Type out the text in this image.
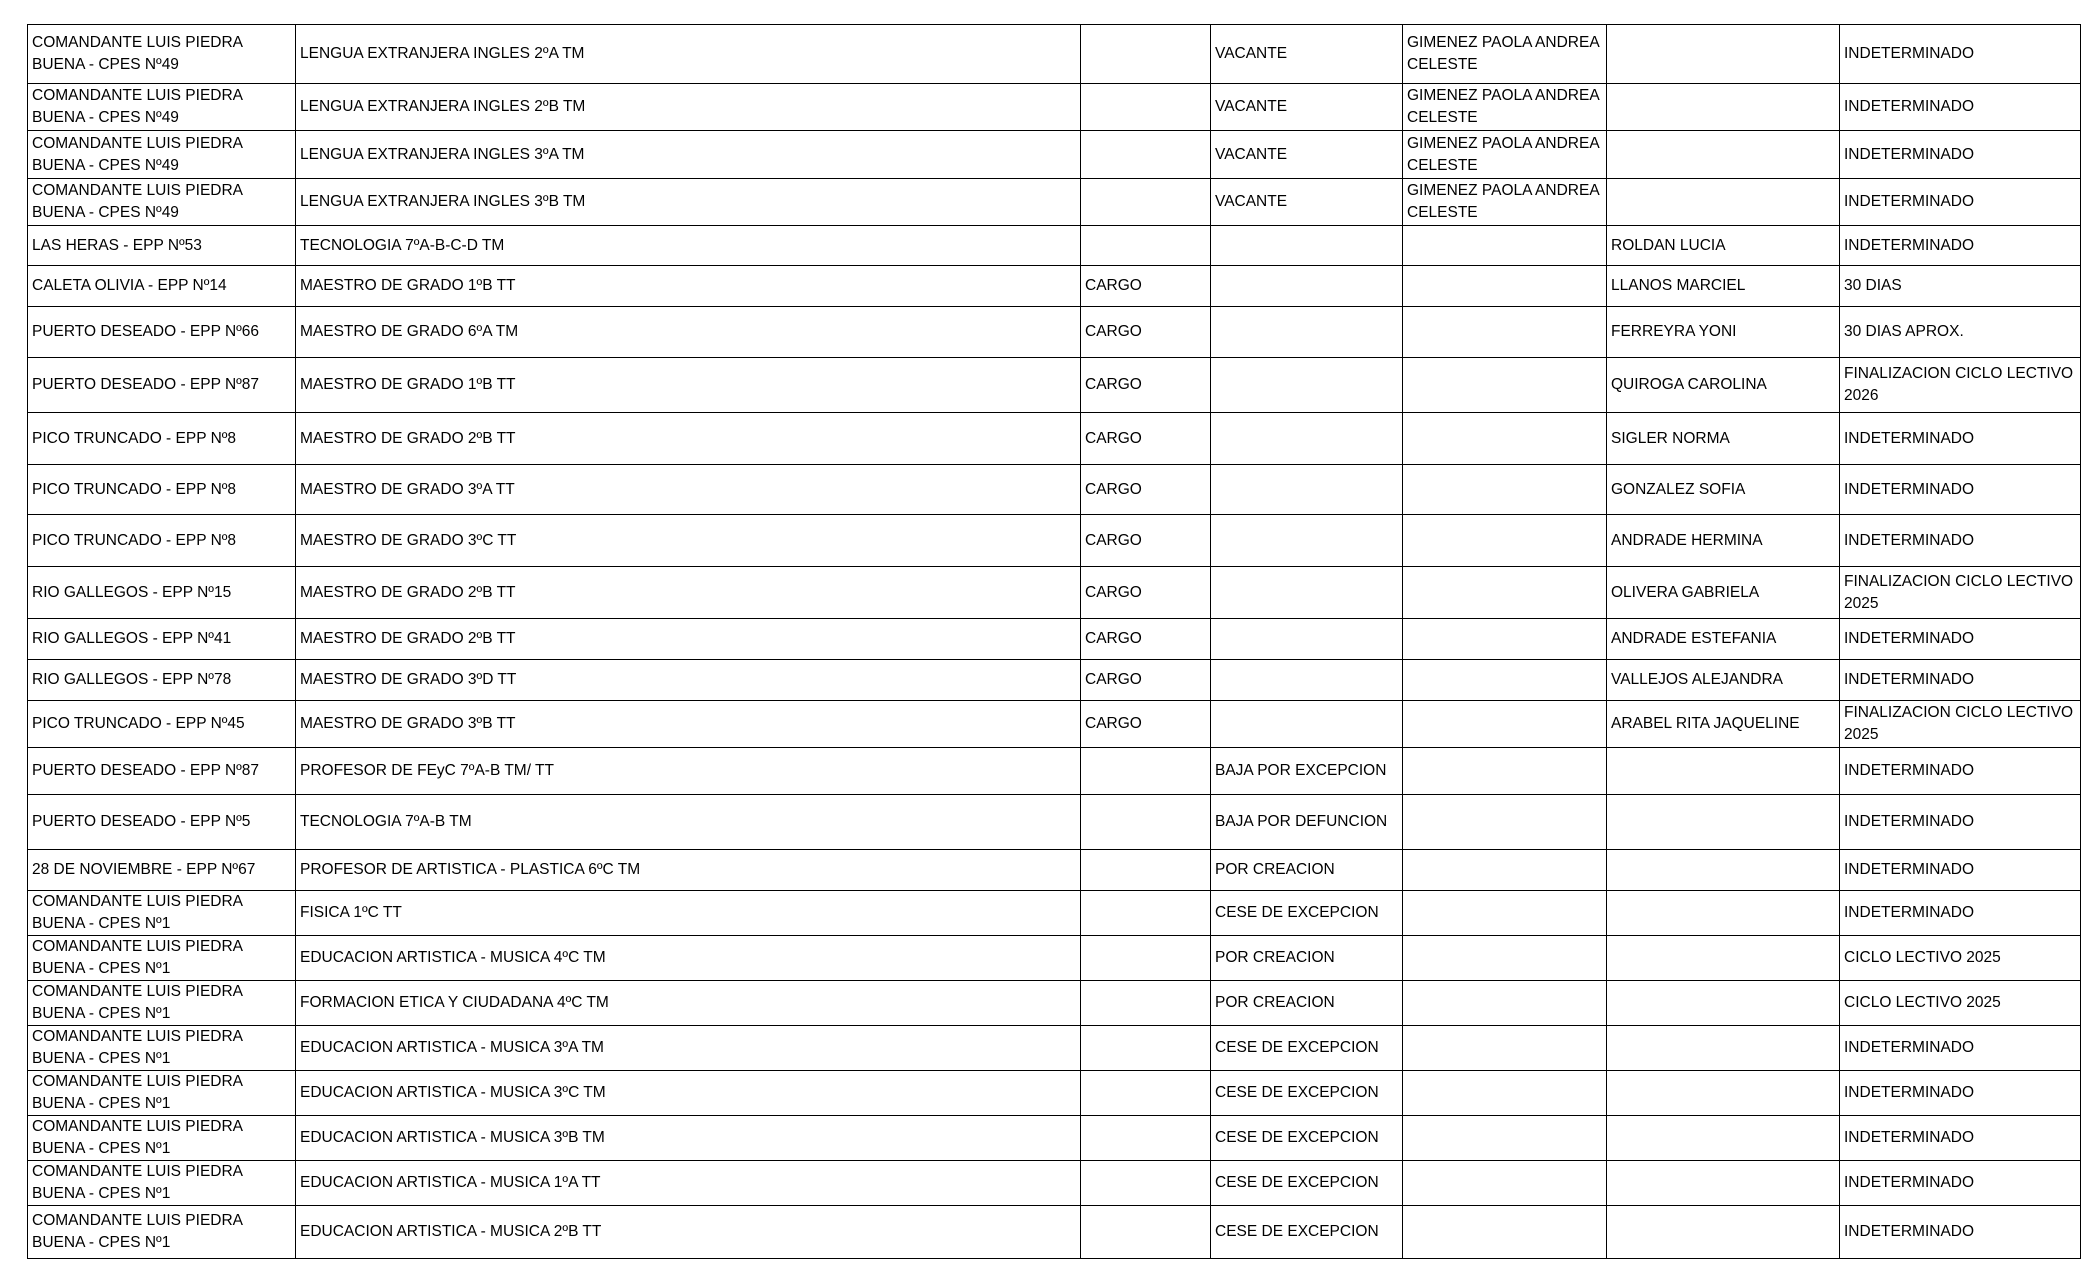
COMANDANTE LUIS PIEDRA BUENA - CPES Nº49	LENGUA EXTRANJERA INGLES 2ºA TM		VACANTE	GIMENEZ PAOLA ANDREA CELESTE		INDETERMINADO
COMANDANTE LUIS PIEDRA BUENA - CPES Nº49	LENGUA EXTRANJERA INGLES 2ºB TM		VACANTE	GIMENEZ PAOLA ANDREA CELESTE		INDETERMINADO
COMANDANTE LUIS PIEDRA BUENA - CPES Nº49	LENGUA EXTRANJERA INGLES 3ºA TM		VACANTE	GIMENEZ PAOLA ANDREA CELESTE		INDETERMINADO
COMANDANTE LUIS PIEDRA BUENA - CPES Nº49	LENGUA EXTRANJERA INGLES 3ºB TM		VACANTE	GIMENEZ PAOLA ANDREA CELESTE		INDETERMINADO
LAS HERAS - EPP Nº53	TECNOLOGIA 7ºA-B-C-D TM				ROLDAN LUCIA	INDETERMINADO
CALETA OLIVIA - EPP Nº14	MAESTRO DE GRADO 1ºB TT	CARGO			LLANOS MARCIEL	30 DIAS
PUERTO DESEADO - EPP Nº66	MAESTRO DE GRADO 6ºA TM	CARGO			FERREYRA YONI	30 DIAS APROX.
PUERTO DESEADO - EPP Nº87	MAESTRO DE GRADO 1ºB TT	CARGO			QUIROGA CAROLINA	FINALIZACION CICLO LECTIVO 2026
PICO TRUNCADO - EPP Nº8	MAESTRO DE GRADO 2ºB TT	CARGO			SIGLER NORMA	INDETERMINADO
PICO TRUNCADO - EPP Nº8	MAESTRO DE GRADO 3ºA TT	CARGO			GONZALEZ SOFIA	INDETERMINADO
PICO TRUNCADO - EPP Nº8	MAESTRO DE GRADO 3ºC TT	CARGO			ANDRADE HERMINA	INDETERMINADO
RIO GALLEGOS - EPP Nº15	MAESTRO DE GRADO 2ºB TT	CARGO			OLIVERA GABRIELA	FINALIZACION CICLO LECTIVO 2025
RIO GALLEGOS - EPP Nº41	MAESTRO DE GRADO 2ºB TT	CARGO			ANDRADE ESTEFANIA	INDETERMINADO
RIO GALLEGOS - EPP Nº78	MAESTRO DE GRADO 3ºD TT	CARGO			VALLEJOS ALEJANDRA	INDETERMINADO
PICO TRUNCADO - EPP Nº45	MAESTRO DE GRADO 3ºB TT	CARGO			ARABEL RITA JAQUELINE	FINALIZACION CICLO LECTIVO 2025
PUERTO DESEADO - EPP Nº87	PROFESOR DE FEyC 7ºA-B TM/ TT		BAJA POR EXCEPCION			INDETERMINADO
PUERTO DESEADO - EPP Nº5	TECNOLOGIA 7ºA-B TM		BAJA POR DEFUNCION			INDETERMINADO
28 DE NOVIEMBRE - EPP Nº67	PROFESOR DE ARTISTICA - PLASTICA 6ºC TM		POR CREACION			INDETERMINADO
COMANDANTE LUIS PIEDRA BUENA - CPES Nº1	FISICA 1ºC TT		CESE DE EXCEPCION			INDETERMINADO
COMANDANTE LUIS PIEDRA BUENA - CPES Nº1	EDUCACION ARTISTICA - MUSICA 4ºC TM		POR CREACION			CICLO LECTIVO 2025
COMANDANTE LUIS PIEDRA BUENA - CPES Nº1	FORMACION ETICA Y CIUDADANA 4ºC TM		POR CREACION			CICLO LECTIVO 2025
COMANDANTE LUIS PIEDRA BUENA - CPES Nº1	EDUCACION ARTISTICA - MUSICA 3ºA TM		CESE DE EXCEPCION			INDETERMINADO
COMANDANTE LUIS PIEDRA BUENA - CPES Nº1	EDUCACION ARTISTICA - MUSICA 3ºC TM		CESE DE EXCEPCION			INDETERMINADO
COMANDANTE LUIS PIEDRA BUENA - CPES Nº1	EDUCACION ARTISTICA - MUSICA 3ºB TM		CESE DE EXCEPCION			INDETERMINADO
COMANDANTE LUIS PIEDRA BUENA - CPES Nº1	EDUCACION ARTISTICA - MUSICA 1ºA TT		CESE DE EXCEPCION			INDETERMINADO
COMANDANTE LUIS PIEDRA BUENA - CPES Nº1	EDUCACION ARTISTICA - MUSICA 2ºB TT		CESE DE EXCEPCION			INDETERMINADO
